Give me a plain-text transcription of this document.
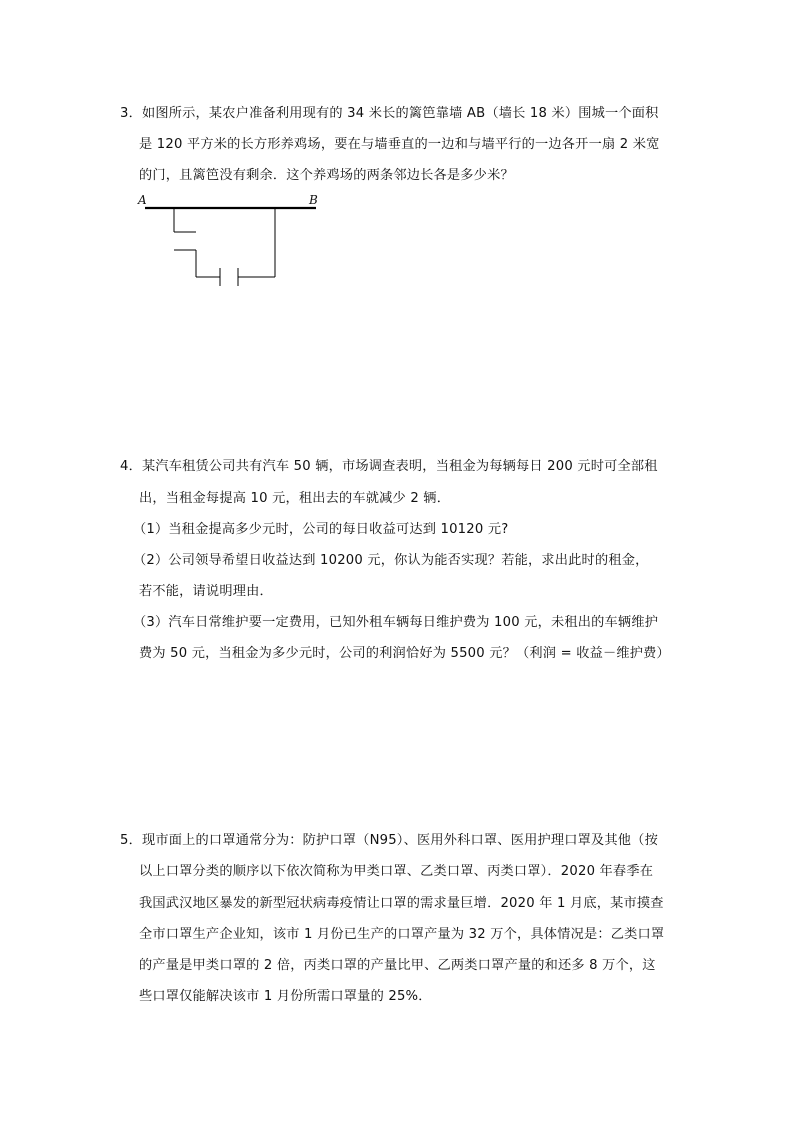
3．如图所示，某农户准备利用现有的 34 米长的篱笆靠墙 AB（墙长 18 米）围城一个面积
是 120 平方米的长方形养鸡场，要在与墙垂直的一边和与墙平行的一边各开一扇 2 米宽
的门，且篱笆没有剩余．这个养鸡场的两条邻边长各是多少米？
A	B
4．某汽车租赁公司共有汽车 50 辆，市场调查表明，当租金为每辆每日 200 元时可全部租
出，当租金每提高 10 元，租出去的车就减少 2 辆．
（1）当租金提高多少元时，公司的每日收益可达到 10120 元?
（2）公司领导希望日收益达到 10200 元，你认为能否实现？若能，求出此时的租金，
若不能，请说明理由．
（3）汽车日常维护要一定费用，已知外租车辆每日维护费为 100 元，未租出的车辆维护
费为 50 元，当租金为多少元时，公司的利润恰好为 5500 元？（利润 = 收益－维护费）
5．现市面上的口罩通常分为：防护口罩（N95）、医用外科口罩、医用护理口罩及其他（按
以上口罩分类的顺序以下依次简称为甲类口罩、乙类口罩、丙类口罩）．2020 年春季在
我国武汉地区暴发的新型冠状病毒疫情让口罩的需求量巨增．2020 年 1 月底，某市摸查
全市口罩生产企业知，该市 1 月份已生产的口罩产量为 32 万个，具体情况是：乙类口罩
的产量是甲类口罩的 2 倍，丙类口罩的产量比甲、乙两类口罩产量的和还多 8 万个，这
些口罩仅能解决该市 1 月份所需口罩量的 25%．
